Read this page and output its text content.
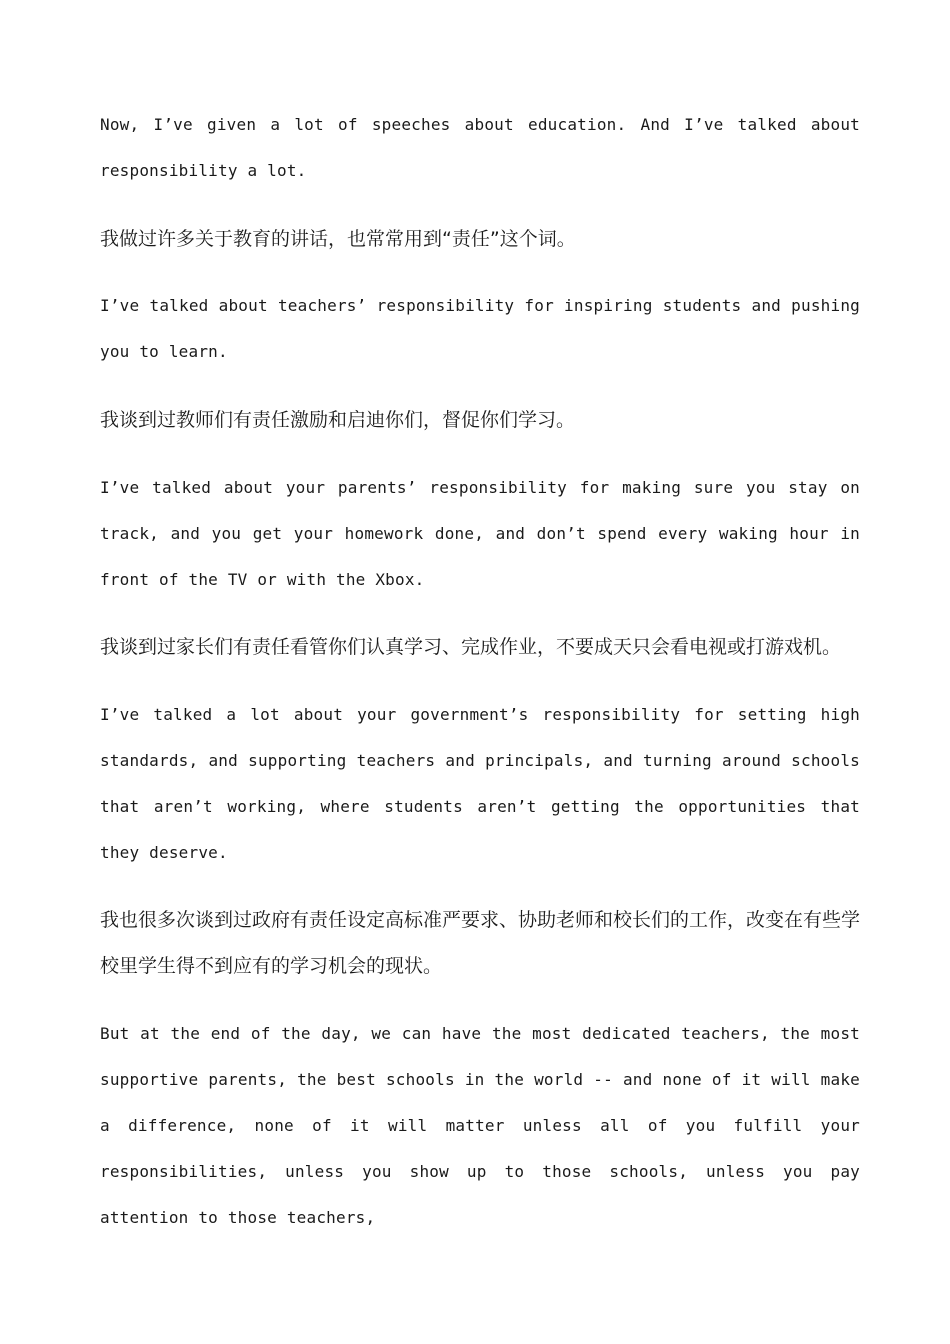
Now, I’ve given a lot of speeches about education. And I’ve talked about responsibility a lot.

我做过许多关于教育的讲话，也常常用到“责任”这个词。

I’ve talked about teachers’ responsibility for inspiring students and pushing you to learn.

我谈到过教师们有责任激励和启迪你们，督促你们学习。

I’ve talked about your parents’ responsibility for making sure you stay on track, and you get your homework done, and don’t spend every waking hour in front of the TV or with the Xbox.

我谈到过家长们有责任看管你们认真学习、完成作业，不要成天只会看电视或打游戏机。

I’ve talked a lot about your government’s responsibility for setting high standards, and supporting teachers and principals, and turning around schools that aren’t working, where students aren’t getting the opportunities that they deserve.

我也很多次谈到过政府有责任设定高标准严要求、协助老师和校长们的工作，改变在有些学校里学生得不到应有的学习机会的现状。

But at the end of the day, we can have the most dedicated teachers, the most supportive parents, the best schools in the world -- and none of it will make a difference, none of it will matter unless all of you fulfill your responsibilities, unless you show up to those schools, unless you pay attention to those teachers,
